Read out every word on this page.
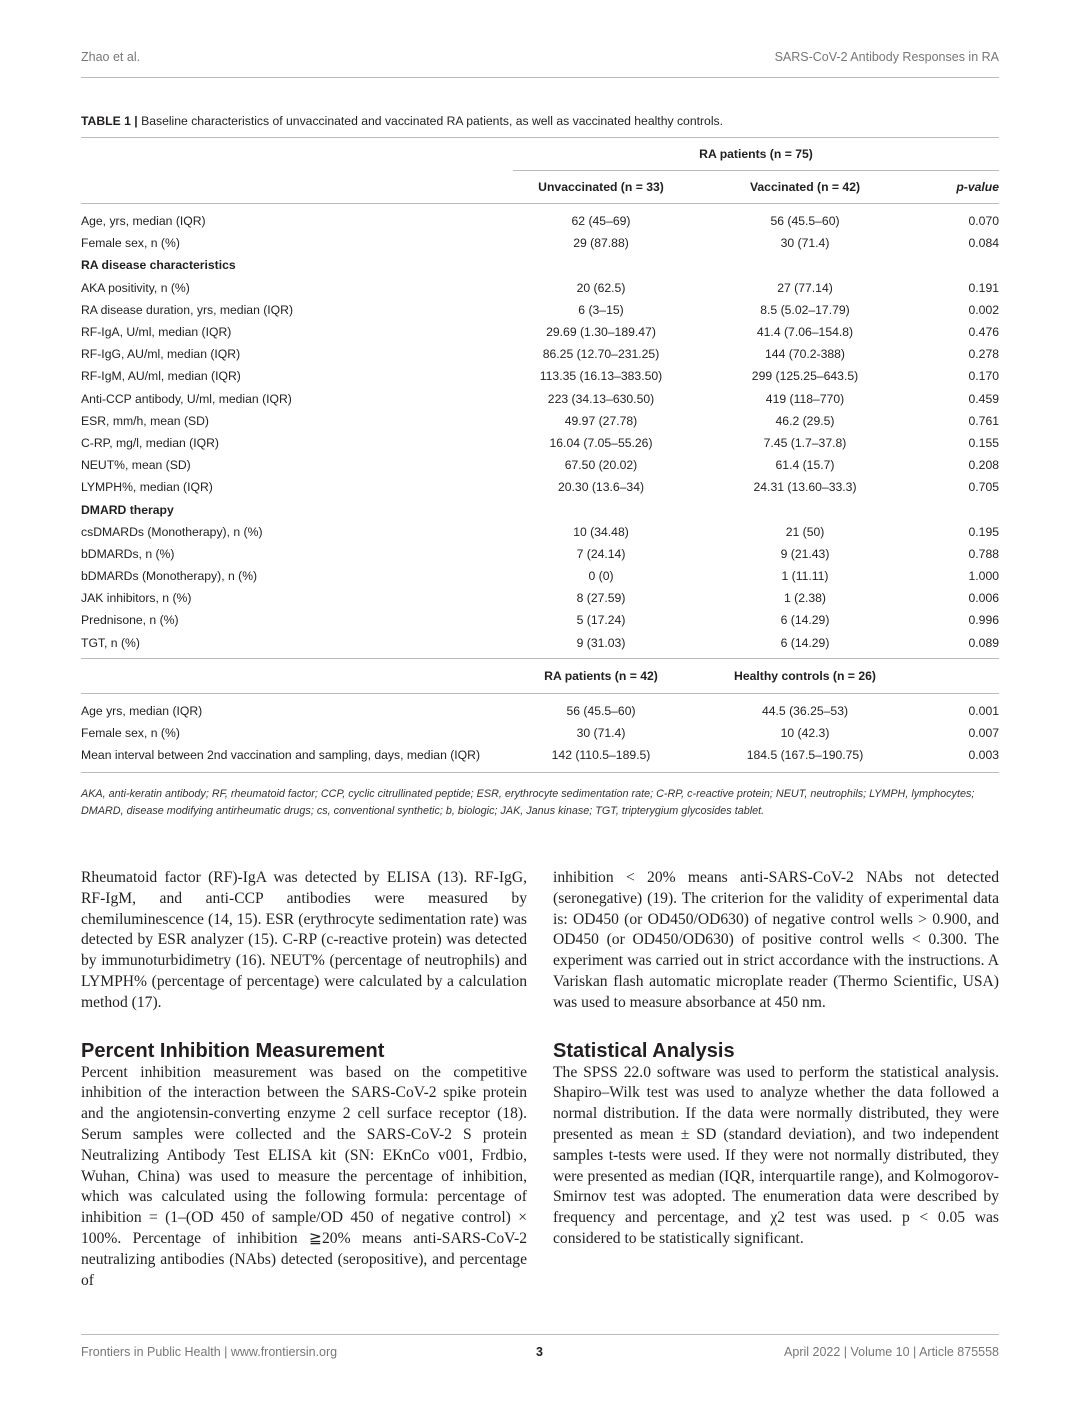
Zhao et al.	SARS-CoV-2 Antibody Responses in RA
TABLE 1 | Baseline characteristics of unvaccinated and vaccinated RA patients, as well as vaccinated healthy controls.
	RA patients (n = 75)		
	Unvaccinated (n = 33)	Vaccinated (n = 42)	p-value

Age, yrs, median (IQR)	62 (45–69)	56 (45.5–60)	0.070
Female sex, n (%)	29 (87.88)	30 (71.4)	0.084
RA disease characteristics			
AKA positivity, n (%)	20 (62.5)	27 (77.14)	0.191
RA disease duration, yrs, median (IQR)	6 (3–15)	8.5 (5.02–17.79)	0.002
RF-IgA, U/ml, median (IQR)	29.69 (1.30–189.47)	41.4 (7.06–154.8)	0.476
RF-IgG, AU/ml, median (IQR)	86.25 (12.70–231.25)	144 (70.2-388)	0.278
RF-IgM, AU/ml, median (IQR)	113.35 (16.13–383.50)	299 (125.25–643.5)	0.170
Anti-CCP antibody, U/ml, median (IQR)	223 (34.13–630.50)	419 (118–770)	0.459
ESR, mm/h, mean (SD)	49.97 (27.78)	46.2 (29.5)	0.761
C-RP, mg/l, median (IQR)	16.04 (7.05–55.26)	7.45 (1.7–37.8)	0.155
NEUT%, mean (SD)	67.50 (20.02)	61.4 (15.7)	0.208
LYMPH%, median (IQR)	20.30 (13.6–34)	24.31 (13.60–33.3)	0.705
DMARD therapy			
csDMARDs (Monotherapy), n (%)	10 (34.48)	21 (50)	0.195
bDMARDs, n (%)	7 (24.14)	9 (21.43)	0.788
bDMARDs (Monotherapy), n (%)	0 (0)	1 (11.11)	1.000
JAK inhibitors, n (%)	8 (27.59)	1 (2.38)	0.006
Prednisone, n (%)	5 (17.24)	6 (14.29)	0.996
TGT, n (%)	9 (31.03)	6 (14.29)	0.089

	RA patients (n = 42)	Healthy controls (n = 26)	

Age yrs, median (IQR)	56 (45.5–60)	44.5 (36.25–53)	0.001
Female sex, n (%)	30 (71.4)	10 (42.3)	0.007
Mean interval between 2nd vaccination and sampling, days, median (IQR)	142 (110.5–189.5)	184.5 (167.5–190.75)	0.003

AKA, anti-keratin antibody; RF, rheumatoid factor; CCP, cyclic citrullinated peptide; ESR, erythrocyte sedimentation rate; C-RP, c-reactive protein; NEUT, neutrophils; LYMPH, lymphocytes; DMARD, disease modifying antirheumatic drugs; cs, conventional synthetic; b, biologic; JAK, Janus kinase; TGT, tripterygium glycosides tablet.

Rheumatoid factor (RF)-IgA was detected by ELISA (13). RF-IgG, RF-IgM, and anti-CCP antibodies were measured by chemiluminescence (14, 15). ESR (erythrocyte sedimentation rate) was detected by ESR analyzer (15). C-RP (c-reactive protein) was detected by immunoturbidimetry (16). NEUT% (percentage of neutrophils) and LYMPH% (percentage of percentage) were calculated by a calculation method (17).

Percent Inhibition Measurement

Percent inhibition measurement was based on the competitive inhibition of the interaction between the SARS-CoV-2 spike protein and the angiotensin-converting enzyme 2 cell surface receptor (18). Serum samples were collected and the SARS-CoV-2 S protein Neutralizing Antibody Test ELISA kit (SN: EKnCo v001, Frdbio, Wuhan, China) was used to measure the percentage of inhibition, which was calculated using the following formula: percentage of inhibition = (1–(OD 450 of sample/OD 450 of negative control) × 100%. Percentage of inhibition ≧20% means anti-SARS-CoV-2 neutralizing antibodies (NAbs) detected (seropositive), and percentage of

inhibition < 20% means anti-SARS-CoV-2 NAbs not detected (seronegative) (19). The criterion for the validity of experimental data is: OD450 (or OD450/OD630) of negative control wells > 0.900, and OD450 (or OD450/OD630) of positive control wells < 0.300. The experiment was carried out in strict accordance with the instructions. A Variskan flash automatic microplate reader (Thermo Scientific, USA) was used to measure absorbance at 450 nm.

Statistical Analysis

The SPSS 22.0 software was used to perform the statistical analysis. Shapiro–Wilk test was used to analyze whether the data followed a normal distribution. If the data were normally distributed, they were presented as mean ± SD (standard deviation), and two independent samples t-tests were used. If they were not normally distributed, they were presented as median (IQR, interquartile range), and Kolmogorov-Smirnov test was adopted. The enumeration data were described by frequency and percentage, and χ2 test was used. p < 0.05 was considered to be statistically significant.

Frontiers in Public Health | www.frontiersin.org	3	April 2022 | Volume 10 | Article 875558
